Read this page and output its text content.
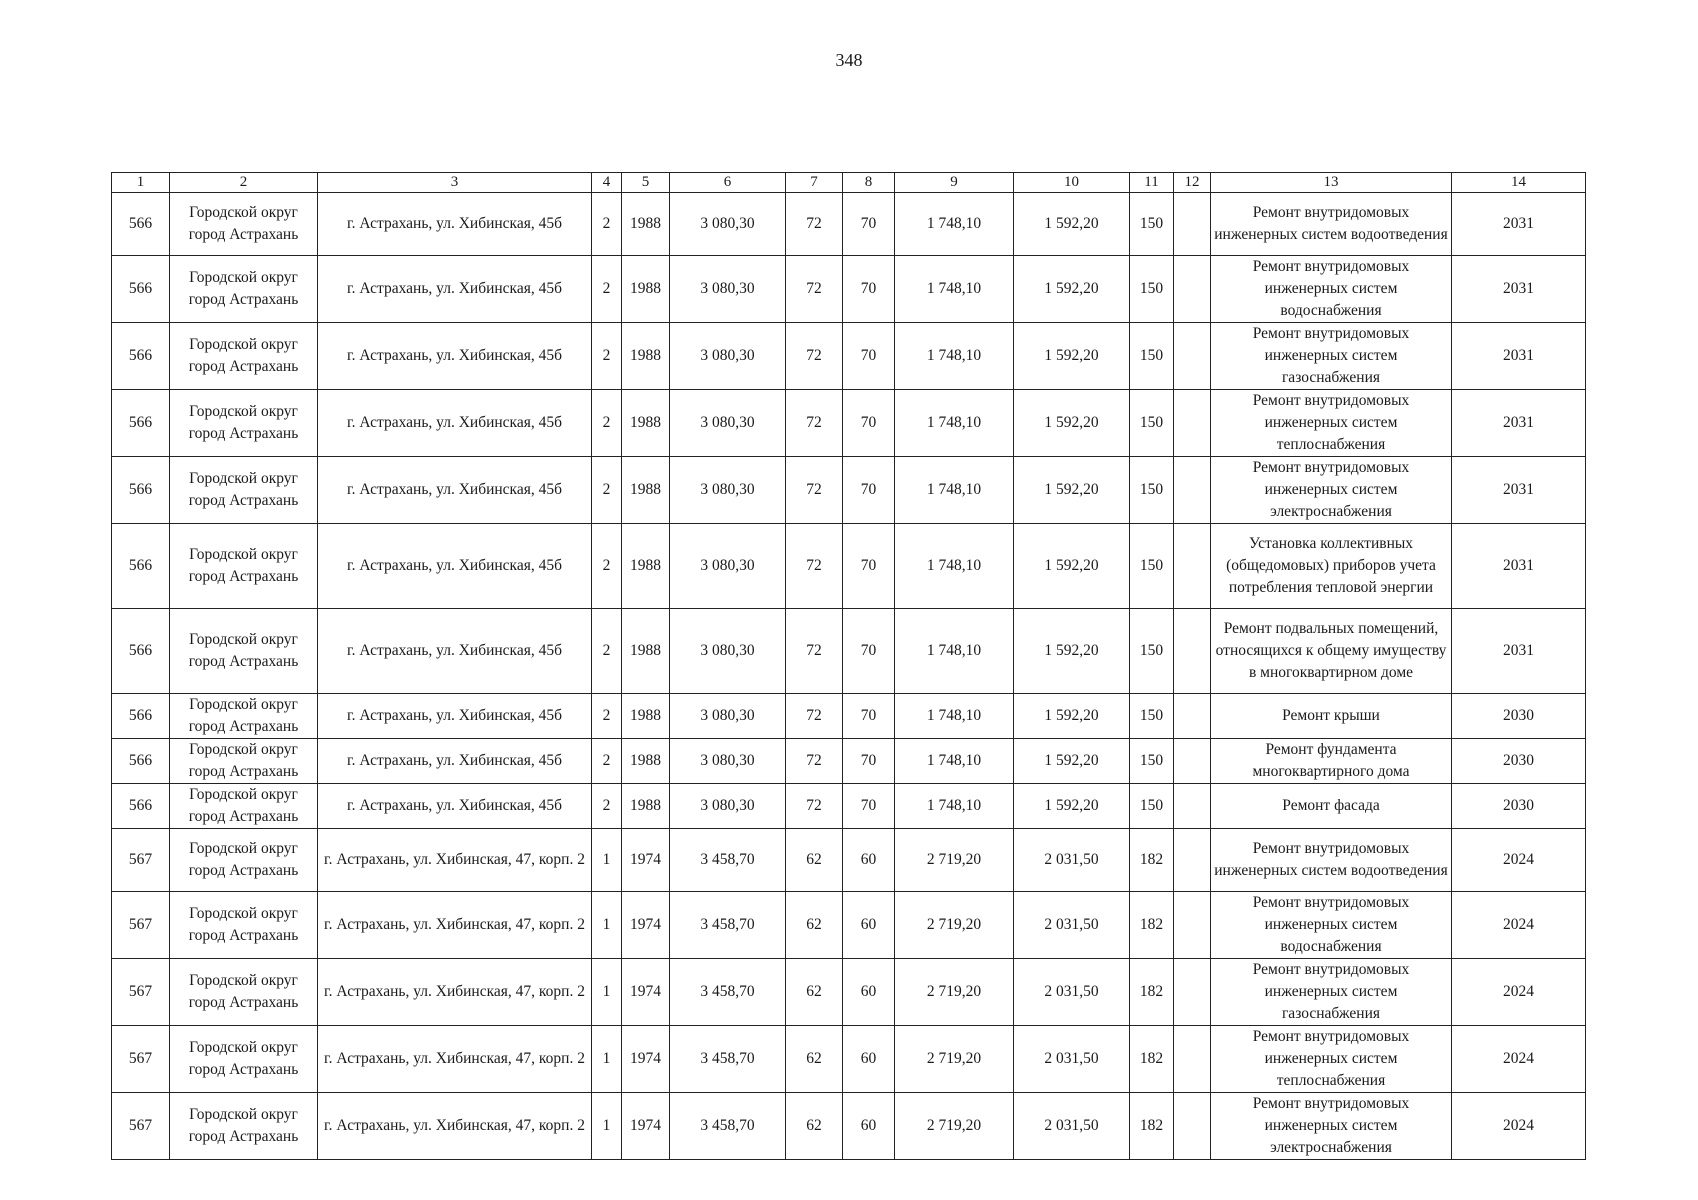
348
1	2	3	4	5	6	7	8	9	10	11	12	13	14
566	Городской округ город Астрахань	г. Астрахань, ул. Хибинская, 45б	2	1988	3 080,30	72	70	1 748,10	1 592,20	150		Ремонт внутридомовых инженерных систем водоотведения	2031
566	Городской округ город Астрахань	г. Астрахань, ул. Хибинская, 45б	2	1988	3 080,30	72	70	1 748,10	1 592,20	150		Ремонт внутридомовых инженерных систем водоснабжения	2031
566	Городской округ город Астрахань	г. Астрахань, ул. Хибинская, 45б	2	1988	3 080,30	72	70	1 748,10	1 592,20	150		Ремонт внутридомовых инженерных систем газоснабжения	2031
566	Городской округ город Астрахань	г. Астрахань, ул. Хибинская, 45б	2	1988	3 080,30	72	70	1 748,10	1 592,20	150		Ремонт внутридомовых инженерных систем теплоснабжения	2031
566	Городской округ город Астрахань	г. Астрахань, ул. Хибинская, 45б	2	1988	3 080,30	72	70	1 748,10	1 592,20	150		Ремонт внутридомовых инженерных систем электроснабжения	2031
566	Городской округ город Астрахань	г. Астрахань, ул. Хибинская, 45б	2	1988	3 080,30	72	70	1 748,10	1 592,20	150		Установка коллективных (общедомовых) приборов учета потребления тепловой энергии	2031
566	Городской округ город Астрахань	г. Астрахань, ул. Хибинская, 45б	2	1988	3 080,30	72	70	1 748,10	1 592,20	150		Ремонт подвальных помещений, относящихся к общему имуществу в многоквартирном доме	2031
566	Городской округ город Астрахань	г. Астрахань, ул. Хибинская, 45б	2	1988	3 080,30	72	70	1 748,10	1 592,20	150		Ремонт крыши	2030
566	Городской округ город Астрахань	г. Астрахань, ул. Хибинская, 45б	2	1988	3 080,30	72	70	1 748,10	1 592,20	150		Ремонт фундамента многоквартирного дома	2030
566	Городской округ город Астрахань	г. Астрахань, ул. Хибинская, 45б	2	1988	3 080,30	72	70	1 748,10	1 592,20	150		Ремонт фасада	2030
567	Городской округ город Астрахань	г. Астрахань, ул. Хибинская, 47, корп. 2	1	1974	3 458,70	62	60	2 719,20	2 031,50	182		Ремонт внутридомовых инженерных систем водоотведения	2024
567	Городской округ город Астрахань	г. Астрахань, ул. Хибинская, 47, корп. 2	1	1974	3 458,70	62	60	2 719,20	2 031,50	182		Ремонт внутридомовых инженерных систем водоснабжения	2024
567	Городской округ город Астрахань	г. Астрахань, ул. Хибинская, 47, корп. 2	1	1974	3 458,70	62	60	2 719,20	2 031,50	182		Ремонт внутридомовых инженерных систем газоснабжения	2024
567	Городской округ город Астрахань	г. Астрахань, ул. Хибинская, 47, корп. 2	1	1974	3 458,70	62	60	2 719,20	2 031,50	182		Ремонт внутридомовых инженерных систем теплоснабжения	2024
567	Городской округ город Астрахань	г. Астрахань, ул. Хибинская, 47, корп. 2	1	1974	3 458,70	62	60	2 719,20	2 031,50	182		Ремонт внутридомовых инженерных систем электроснабжения	2024
